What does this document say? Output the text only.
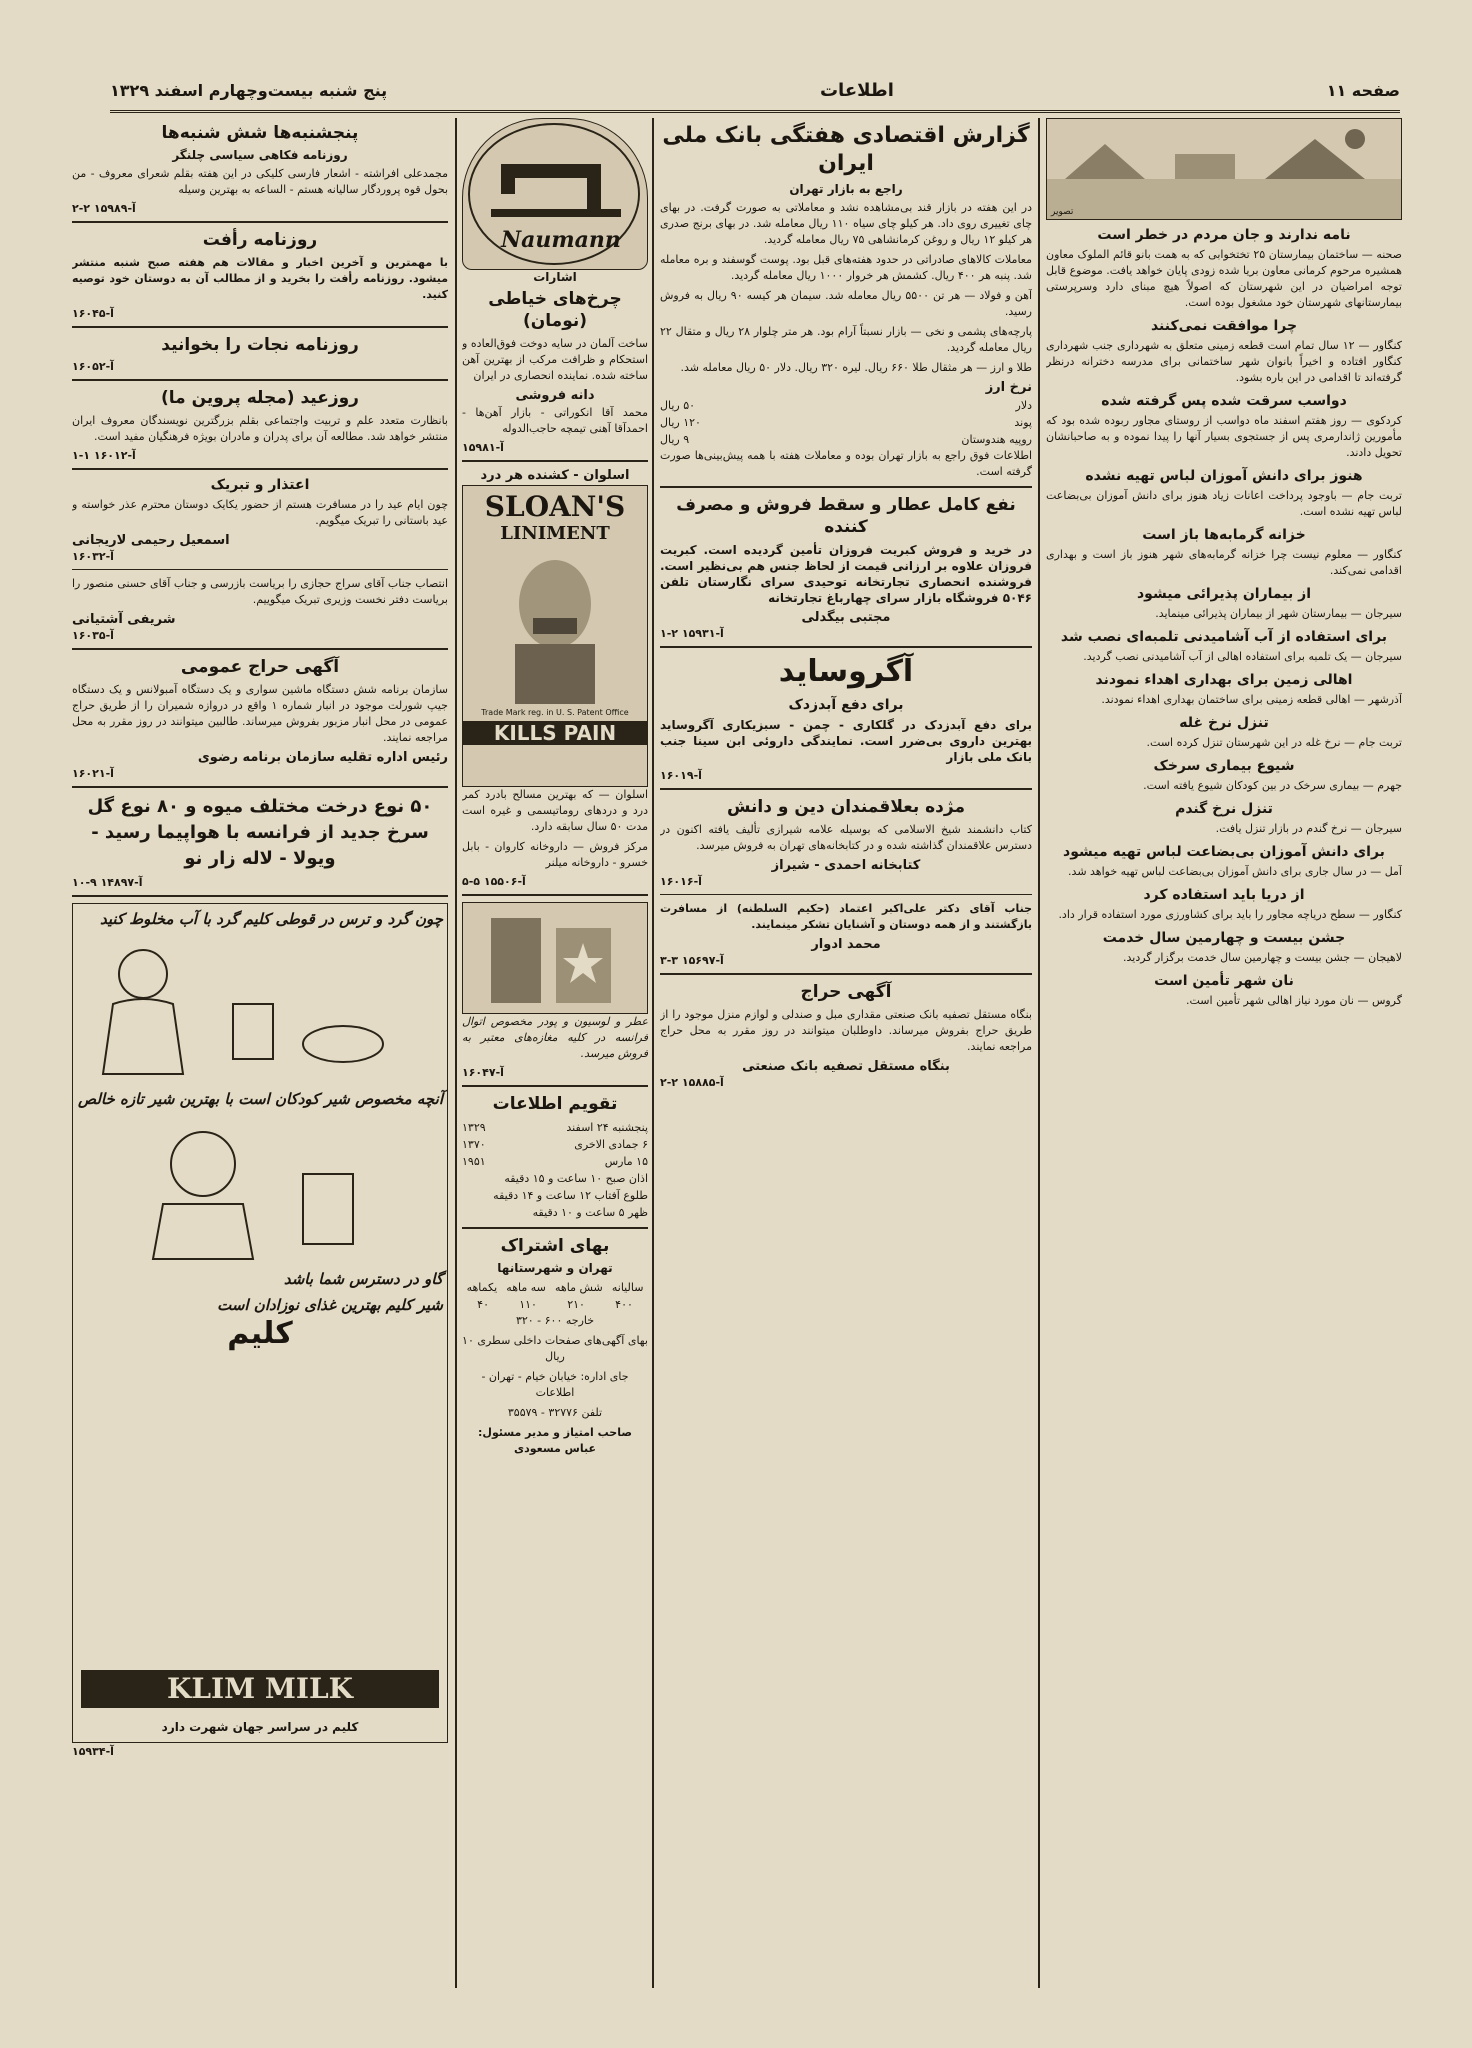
صفحه ۱۱
اطلاعات
پنج شنبه بیست‌وچهارم اسفند ۱۳۲۹
تصویر
نامه ندارند و جان مردم در خطر است

صحنه — ساختمان بیمارستان ۲۵ تختخوابی که به همت بانو قائم الملوک معاون همشیره مرحوم کرمانی معاون بریا شده زودی پایان خواهد یافت. موضوع قابل توجه امراضیان در این شهرستان که اصولاً هیچ مبنای دارد وسرپرستی بیمارستانهای شهرستان خود مشغول بوده است.

چرا موافقت نمی‌کنند

کنگاور — ۱۲ سال تمام است قطعه زمینی متعلق به شهرداری جنب شهرداری کنگاور افتاده و اخیراً بانوان شهر ساختمانی برای مدرسه دخترانه درنظر گرفته‌اند تا اقدامی در این باره بشود.

دواسب سرقت شده پس گرفته شده

کردکوی — روز هفتم اسفند ماه دواسب از روستای مجاور ربوده شده بود که مأمورین ژاندارمری پس از جستجوی بسیار آنها را پیدا نموده و به صاحبانشان تحویل دادند.

هنوز برای دانش آموزان لباس تهیه نشده

تربت جام — باوجود پرداخت اعانات زیاد هنوز برای دانش آموزان بی‌بضاعت لباس تهیه نشده است.

خزانه گرمابه‌ها باز است

کنگاور — معلوم نیست چرا خزانه گرمابه‌های شهر هنوز باز است و بهداری اقدامی نمی‌کند.

از بیماران پذیرائی میشود

سیرجان — بیمارستان شهر از بیماران پذیرائی مینماید.

برای استفاده از آب آشامیدنی تلمبه‌ای نصب شد

سیرجان — یک تلمبه برای استفاده اهالی از آب آشامیدنی نصب گردید.

اهالی زمین برای بهداری اهداء نمودند

آذرشهر — اهالی قطعه زمینی برای ساختمان بهداری اهداء نمودند.

تنزل نرخ غله

تربت جام — نرخ غله در این شهرستان تنزل کرده است.

شیوع بیماری سرخک

جهرم — بیماری سرخک در بین کودکان شیوع یافته است.

تنزل نرخ گندم

سیرجان — نرخ گندم در بازار تنزل یافت.

برای دانش آموزان بی‌بضاعت لباس تهیه میشود

آمل — در سال جاری برای دانش آموزان بی‌بضاعت لباس تهیه خواهد شد.

از دریا باید استفاده کرد

کنگاور — سطح دریاچه مجاور را باید برای کشاورزی مورد استفاده قرار داد.

جشن بیست و چهارمین سال خدمت

لاهیجان — جشن بیست و چهارمین سال خدمت برگزار گردید.

نان شهر تأمین است

گروس — نان مورد نیاز اهالی شهر تأمین است.

گزارش اقتصادی هفتگی بانک ملی ایران
راجع به بازار تهران

در این هفته در بازار قند بی‌مشاهده نشد و معاملاتی به صورت گرفت. در بهای چای تغییری روی داد. هر کیلو چای سیاه ۱۱۰ ریال معامله شد. در بهای برنج صدری هر کیلو ۱۲ ریال و روغن کرمانشاهی ۷۵ ریال معامله گردید.

معاملات کالاهای صادراتی در حدود هفته‌های قبل بود. پوست گوسفند و بره معامله شد. پنبه هر ۴۰۰ ریال. کشمش هر خروار ۱۰۰۰ ریال معامله گردید.

آهن و فولاد — هر تن ۵۵۰۰ ریال معامله شد. سیمان هر کیسه ۹۰ ریال به فروش رسید.

پارچه‌های پشمی و نخی — بازار نسبتاً آرام بود. هر متر چلوار ۲۸ ریال و متقال ۲۲ ریال معامله گردید.

طلا و ارز — هر مثقال طلا ۶۶۰ ریال. لیره ۳۲۰ ریال. دلار ۵۰ ریال معامله شد.

نرخ ارز
دلار
۵۰ ریال
پوند
۱۲۰ ریال
روپیه هندوستان
۹ ریال

اطلاعات فوق راجع به بازار تهران بوده و معاملات هفته با همه پیش‌بینی‌ها صورت گرفته است.

نفع کامل عطار و سقط فروش و مصرف کننده

در خرید و فروش کبریت فروزان تأمین گردیده است. کبریت فروزان علاوه بر ارزانی قیمت از لحاظ جنس هم بی‌نظیر است. فروشنده انحصاری تجارتخانه توحیدی سرای نگارستان تلفن ۵۰۴۶ فروشگاه بازار سرای چهارباغ تجارتخانه

مجتبی بیگدلی
آ-۱۵۹۳۱ ۲-۱
آگروساید
برای دفع آبدزدک

برای دفع آبدزدک در گلکاری - چمن - سبزیکاری آگروساید بهترین داروی بی‌ضرر است. نمایندگی داروئی ابن سینا جنب بانک ملی بازار

آ-۱۶۰۱۹
مژده بعلاقمندان دین و دانش

کتاب دانشمند شیخ الاسلامی که بوسیله علامه شیرازی تألیف یافته اکنون در دسترس علاقمندان گذاشته شده و در کتابخانه‌های تهران به فروش میرسد.

کتابخانه احمدی - شیراز
آ-۱۶۰۱۶

جناب آقای دکتر علی‌اکبر اعتماد (حکیم السلطنه) از مسافرت بازگشتند و از همه دوستان و آشنایان تشکر مینمایند.

محمد ادوار
آ-۱۵۶۹۷ ۳-۳
آگهی حراج

بنگاه مستقل تصفیه بانک صنعتی مقداری مبل و صندلی و لوازم منزل موجود را از طریق حراج بفروش میرساند. داوطلبان میتوانند در روز مقرر به محل حراج مراجعه نمایند.

بنگاه مستقل تصفیه بانک صنعتی
آ-۱۵۸۸۵ ۲-۲
Naumann
اشارات
چرخ‌های خیاطی (نومان)

ساخت آلمان در سایه دوخت فوق‌العاده و استحکام و ظرافت مرکب از بهترین آهن ساخته شده. نماینده انحصاری در ایران

دانه فروشی

محمد آقا انکوراتی - بازار آهن‌ها - احمدآقا آهنی تیمچه حاجب‌الدوله

آ-۱۵۹۸۱
اسلوان - کشنده هر درد
SLOAN'S
LINIMENT
Trade Mark reg. in U. S. Patent Office
KILLS PAIN

اسلوان — که بهترین مسالح بادرد کمر درد و دردهای روماتیسمی و غیره است مدت ۵۰ سال سابقه دارد.

مرکز فروش — داروخانه کاروان - بابل خسرو - داروخانه میلنر

آ-۱۵۵۰۶ ۵-۵

عطر و لوسیون و پودر مخصوص اتوال فرانسه در کلیه مغازه‌های معتبر به فروش میرسد.

آ-۱۶۰۴۷
تقویم اطلاعات
پنجشنبه ۲۴ اسفند
۱۳۲۹
۶ جمادی الاخری
۱۳۷۰
۱۵ مارس
۱۹۵۱
اذان صبح ۱۰ ساعت و ۱۵ دقیقه
طلوع آفتاب ۱۲ ساعت و ۱۴ دقیقه
ظهر ۵ ساعت و ۱۰ دقیقه
بهای اشتراک
تهران و شهرستانها
سالیانه
شش ماهه
سه ماهه
یکماهه
۴۰۰
۲۱۰
۱۱۰
۴۰

خارجه ۶۰۰ - ۳۲۰

بهای آگهی‌های صفحات داخلی سطری ۱۰ ریال

جای اداره: خیابان خیام - تهران - اطلاعات

تلفن ۳۲۷۷۶ - ۳۵۵۷۹

صاحب امتیاز و مدیر مسئول: عباس مسعودی

پنجشنبه‌ها شش شنبه‌ها
روزنامه فکاهی سیاسی چلنگر

مجمدعلی افراشته - اشعار فارسی کلیکی در این هفته بقلم شعرای معروف - من بحول قوه پروردگار سالیانه هستم - الساعه به بهترین وسیله

آ-۱۵۹۸۹ ۲-۲
روزنامه رأفت

با مهمترین و آخرین اخبار و مقالات هم هفته صبح شنبه منتشر میشود. روزنامه رأفت را بخرید و از مطالب آن به دوستان خود توصیه کنید.

آ-۱۶۰۴۵
روزنامه نجات را بخوانید
آ-۱۶۰۵۲
روزعید (مجله پروین ما)

بانظارت متعدد علم و تربیت واجتماعی بقلم بزرگترین نویسندگان معروف ایران منتشر خواهد شد. مطالعه آن برای پدران و مادران بویژه فرهنگیان مفید است.

آ-۱۶۰۱۲ ۱-۱
اعتذار و تبریک

چون ایام عید را در مسافرت هستم از حضور یکایک دوستان محترم عذر خواسته و عید باستانی را تبریک میگویم.

اسمعیل رحیمی لاریجانی
آ-۱۶۰۳۲

انتصاب جناب آقای سراج حجازی را بریاست بازرسی و جناب آقای حسنی منصور را بریاست دفتر نخست وزیری تبریک میگوییم.

شریفی آشتیانی
آ-۱۶۰۳۵
آگهی حراج عمومی

سازمان برنامه شش دستگاه ماشین سواری و یک دستگاه آمبولانس و یک دستگاه جیپ شورلت موجود در انبار شماره ۱ واقع در دروازه شمیران را از طریق حراج عمومی در محل انبار مزبور بفروش میرساند. طالبین میتوانند در روز مقرر به محل مراجعه نمایند.

رئیس اداره تقلیه سازمان برنامه رضوی
آ-۱۶۰۲۱
۵۰ نوع درخت مختلف میوه و ۸۰ نوع گل سرخ جدید از فرانسه با هواپیما رسید - ویولا - لاله زار نو
آ-۱۴۸۹۷ ۹-۱۰

چون گرد و ترس در قوطی کلیم گرد با آب مخلوط کنید

آنچه مخصوص شیر کودکان است با بهترین شیر تازه خالص

گاو در دسترس شما باشد

شیر کلیم بهترین غذای نوزادان است

کلیم
KLIM MILK
کلیم در سراسر جهان شهرت دارد
آ-۱۵۹۳۴
